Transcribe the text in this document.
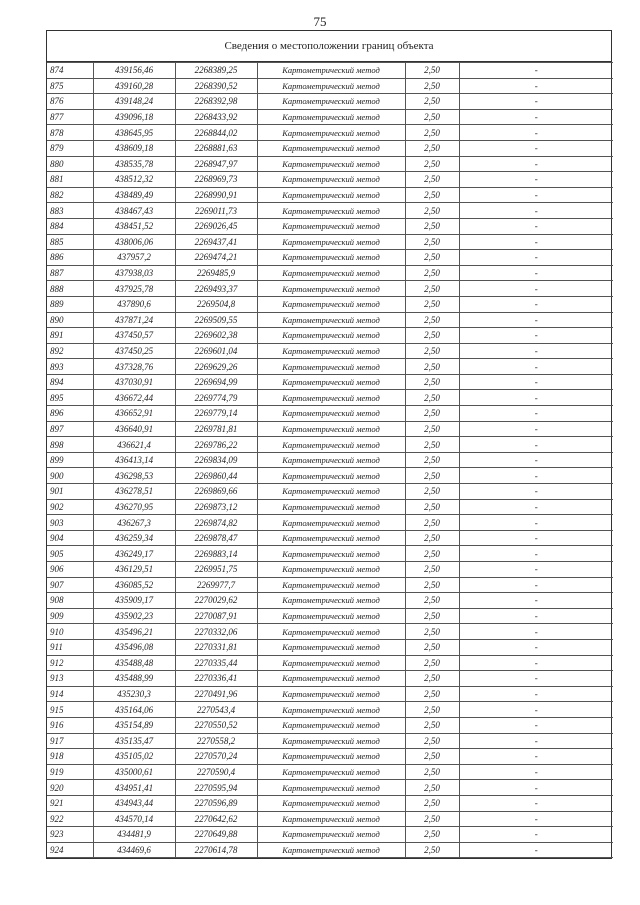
75
Сведения о местоположении границ объекта
874	439156,46	2268389,25	Картометрический метод	2,50	-
875	439160,28	2268390,52	Картометрический метод	2,50	-
876	439148,24	2268392,98	Картометрический метод	2,50	-
877	439096,18	2268433,92	Картометрический метод	2,50	-
878	438645,95	2268844,02	Картометрический метод	2,50	-
879	438609,18	2268881,63	Картометрический метод	2,50	-
880	438535,78	2268947,97	Картометрический метод	2,50	-
881	438512,32	2268969,73	Картометрический метод	2,50	-
882	438489,49	2268990,91	Картометрический метод	2,50	-
883	438467,43	2269011,73	Картометрический метод	2,50	-
884	438451,52	2269026,45	Картометрический метод	2,50	-
885	438006,06	2269437,41	Картометрический метод	2,50	-
886	437957,2	2269474,21	Картометрический метод	2,50	-
887	437938,03	2269485,9	Картометрический метод	2,50	-
888	437925,78	2269493,37	Картометрический метод	2,50	-
889	437890,6	2269504,8	Картометрический метод	2,50	-
890	437871,24	2269509,55	Картометрический метод	2,50	-
891	437450,57	2269602,38	Картометрический метод	2,50	-
892	437450,25	2269601,04	Картометрический метод	2,50	-
893	437328,76	2269629,26	Картометрический метод	2,50	-
894	437030,91	2269694,99	Картометрический метод	2,50	-
895	436672,44	2269774,79	Картометрический метод	2,50	-
896	436652,91	2269779,14	Картометрический метод	2,50	-
897	436640,91	2269781,81	Картометрический метод	2,50	-
898	436621,4	2269786,22	Картометрический метод	2,50	-
899	436413,14	2269834,09	Картометрический метод	2,50	-
900	436298,53	2269860,44	Картометрический метод	2,50	-
901	436278,51	2269869,66	Картометрический метод	2,50	-
902	436270,95	2269873,12	Картометрический метод	2,50	-
903	436267,3	2269874,82	Картометрический метод	2,50	-
904	436259,34	2269878,47	Картометрический метод	2,50	-
905	436249,17	2269883,14	Картометрический метод	2,50	-
906	436129,51	2269951,75	Картометрический метод	2,50	-
907	436085,52	2269977,7	Картометрический метод	2,50	-
908	435909,17	2270029,62	Картометрический метод	2,50	-
909	435902,23	2270087,91	Картометрический метод	2,50	-
910	435496,21	2270332,06	Картометрический метод	2,50	-
911	435496,08	2270331,81	Картометрический метод	2,50	-
912	435488,48	2270335,44	Картометрический метод	2,50	-
913	435488,99	2270336,41	Картометрический метод	2,50	-
914	435230,3	2270491,96	Картометрический метод	2,50	-
915	435164,06	2270543,4	Картометрический метод	2,50	-
916	435154,89	2270550,52	Картометрический метод	2,50	-
917	435135,47	2270558,2	Картометрический метод	2,50	-
918	435105,02	2270570,24	Картометрический метод	2,50	-
919	435000,61	2270590,4	Картометрический метод	2,50	-
920	434951,41	2270595,94	Картометрический метод	2,50	-
921	434943,44	2270596,89	Картометрический метод	2,50	-
922	434570,14	2270642,62	Картометрический метод	2,50	-
923	434481,9	2270649,88	Картометрический метод	2,50	-
924	434469,6	2270614,78	Картометрический метод	2,50	-
